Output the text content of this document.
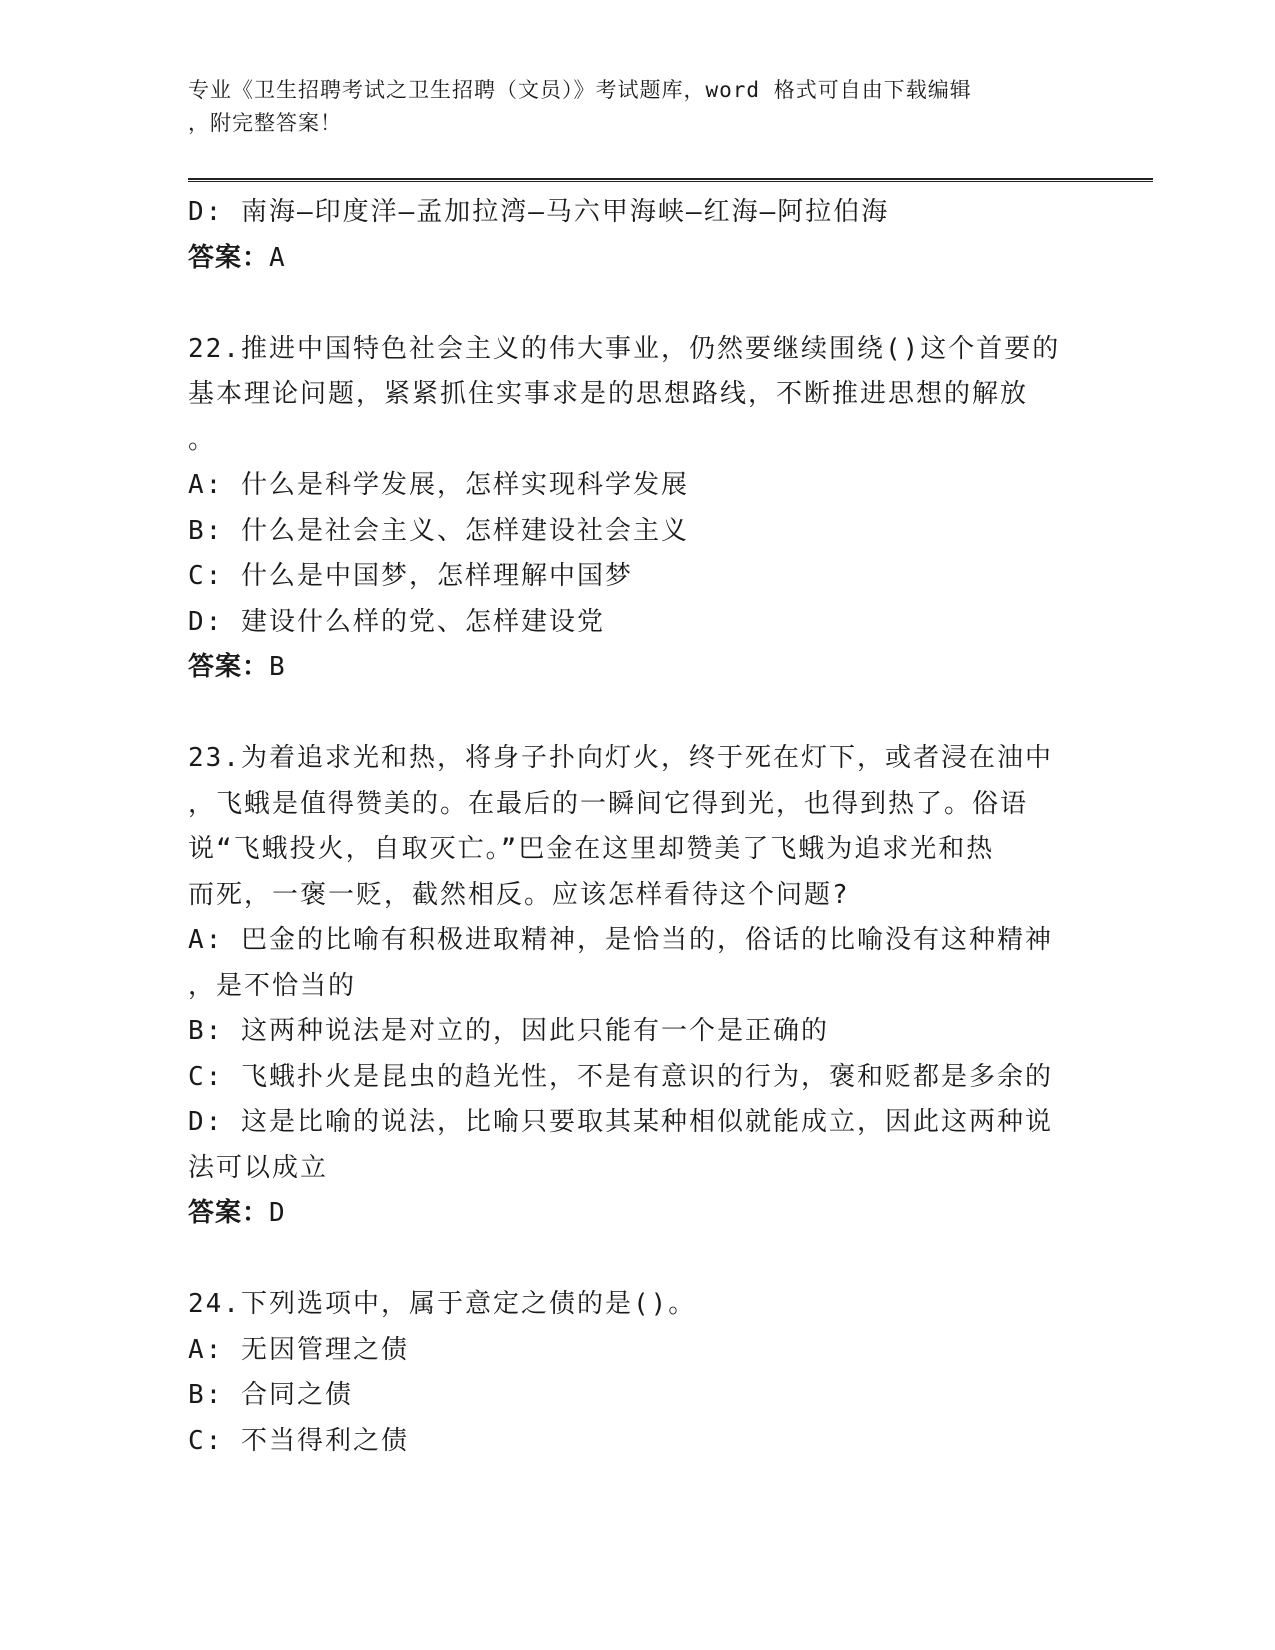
专业《卫生招聘考试之卫生招聘（文员）》考试题库，word 格式可自由下载编辑
，附完整答案！
D: 南海—印度洋—孟加拉湾—马六甲海峡—红海—阿拉伯海
答案：A
22.推进中国特色社会主义的伟大事业，仍然要继续围绕()这个首要的
基本理论问题，紧紧抓住实事求是的思想路线，不断推进思想的解放
。
A: 什么是科学发展，怎样实现科学发展
B: 什么是社会主义、怎样建设社会主义
C: 什么是中国梦，怎样理解中国梦
D: 建设什么样的党、怎样建设党
答案：B
23.为着追求光和热，将身子扑向灯火，终于死在灯下，或者浸在油中
，飞蛾是值得赞美的。在最后的一瞬间它得到光，也得到热了。俗语
说“飞蛾投火，自取灭亡。”巴金在这里却赞美了飞蛾为追求光和热
而死，一褒一贬，截然相反。应该怎样看待这个问题?
A: 巴金的比喻有积极进取精神，是恰当的，俗话的比喻没有这种精神
，是不恰当的
B: 这两种说法是对立的，因此只能有一个是正确的
C: 飞蛾扑火是昆虫的趋光性，不是有意识的行为，褒和贬都是多余的
D: 这是比喻的说法，比喻只要取其某种相似就能成立，因此这两种说
法可以成立
答案：D
24.下列选项中，属于意定之债的是()。
A: 无因管理之债
B: 合同之债
C: 不当得利之债
